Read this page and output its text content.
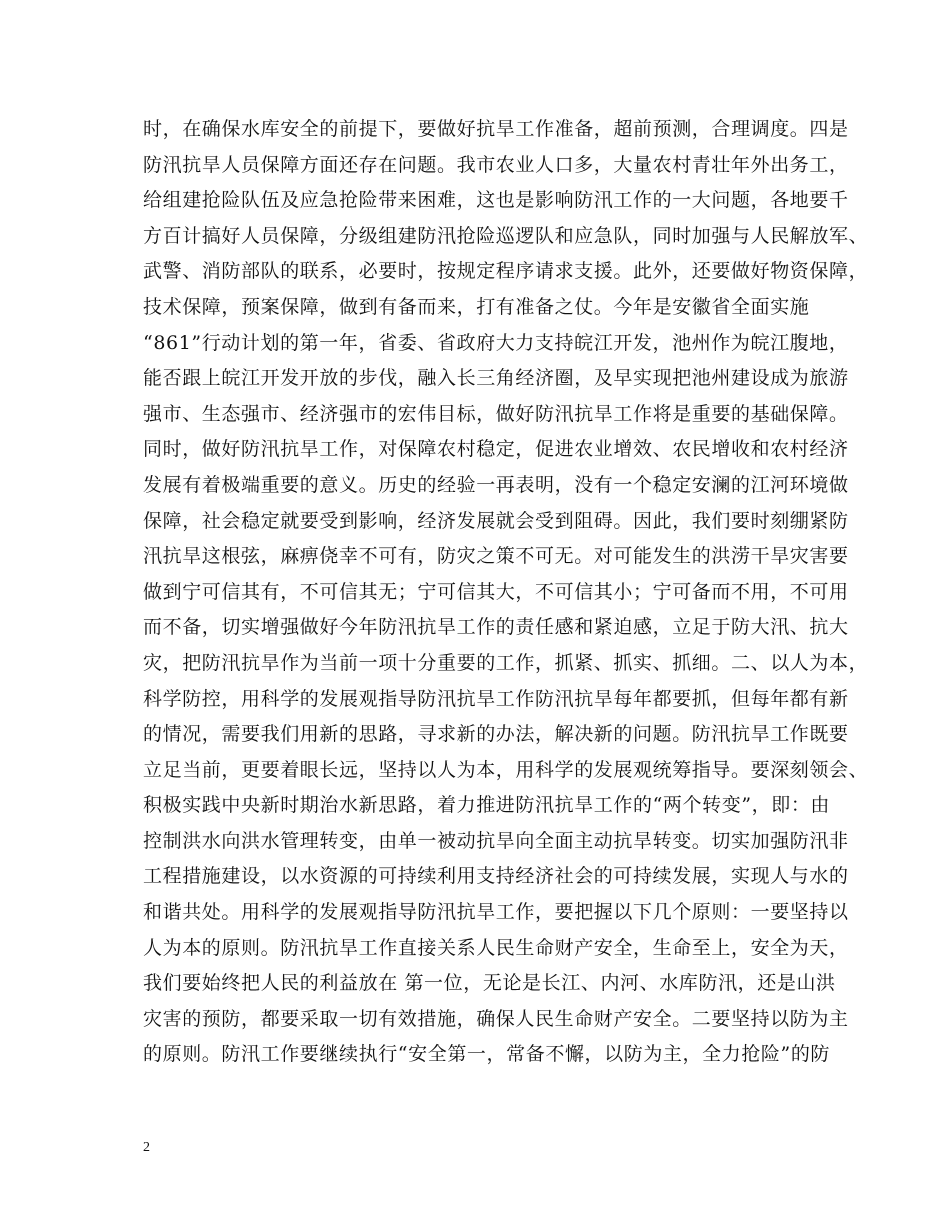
时，在确保水库安全的前提下，要做好抗旱工作准备，超前预测，合理调度。四是
防汛抗旱人员保障方面还存在问题。我市农业人口多，大量农村青壮年外出务工，
给组建抢险队伍及应急抢险带来困难，这也是影响防汛工作的一大问题，各地要千
方百计搞好人员保障，分级组建防汛抢险巡逻队和应急队，同时加强与人民解放军、
武警、消防部队的联系，必要时，按规定程序请求支援。此外，还要做好物资保障，
技术保障，预案保障，做到有备而来，打有准备之仗。今年是安徽省全面实施
“861”行动计划的第一年，省委、省政府大力支持皖江开发，池州作为皖江腹地，
能否跟上皖江开发开放的步伐，融入长三角经济圈，及早实现把池州建设成为旅游
强市、生态强市、经济强市的宏伟目标，做好防汛抗旱工作将是重要的基础保障。
同时，做好防汛抗旱工作，对保障农村稳定，促进农业增效、农民增收和农村经济
发展有着极端重要的意义。历史的经验一再表明，没有一个稳定安澜的江河环境做
保障，社会稳定就要受到影响，经济发展就会受到阻碍。因此，我们要时刻绷紧防
汛抗旱这根弦，麻痹侥幸不可有，防灾之策不可无。对可能发生的洪涝干旱灾害要
做到宁可信其有，不可信其无；宁可信其大，不可信其小；宁可备而不用，不可用
而不备，切实增强做好今年防汛抗旱工作的责任感和紧迫感，立足于防大汛、抗大
灾，把防汛抗旱作为当前一项十分重要的工作，抓紧、抓实、抓细。二、以人为本，
科学防控，用科学的发展观指导防汛抗旱工作防汛抗旱每年都要抓，但每年都有新
的情况，需要我们用新的思路，寻求新的办法，解决新的问题。防汛抗旱工作既要
立足当前，更要着眼长远，坚持以人为本，用科学的发展观统筹指导。要深刻领会、
积极实践中央新时期治水新思路，着力推进防汛抗旱工作的“两个转变”，即：由
控制洪水向洪水管理转变，由单一被动抗旱向全面主动抗旱转变。切实加强防汛非
工程措施建设，以水资源的可持续利用支持经济社会的可持续发展，实现人与水的
和谐共处。用科学的发展观指导防汛抗旱工作，要把握以下几个原则：一要坚持以
人为本的原则。防汛抗旱工作直接关系人民生命财产安全，生命至上，安全为天，
我们要始终把人民的利益放在 第一位，无论是长江、内河、水库防汛，还是山洪
灾害的预防，都要采取一切有效措施，确保人民生命财产安全。二要坚持以防为主
的原则。防汛工作要继续执行“安全第一，常备不懈，以防为主，全力抢险”的防
2
